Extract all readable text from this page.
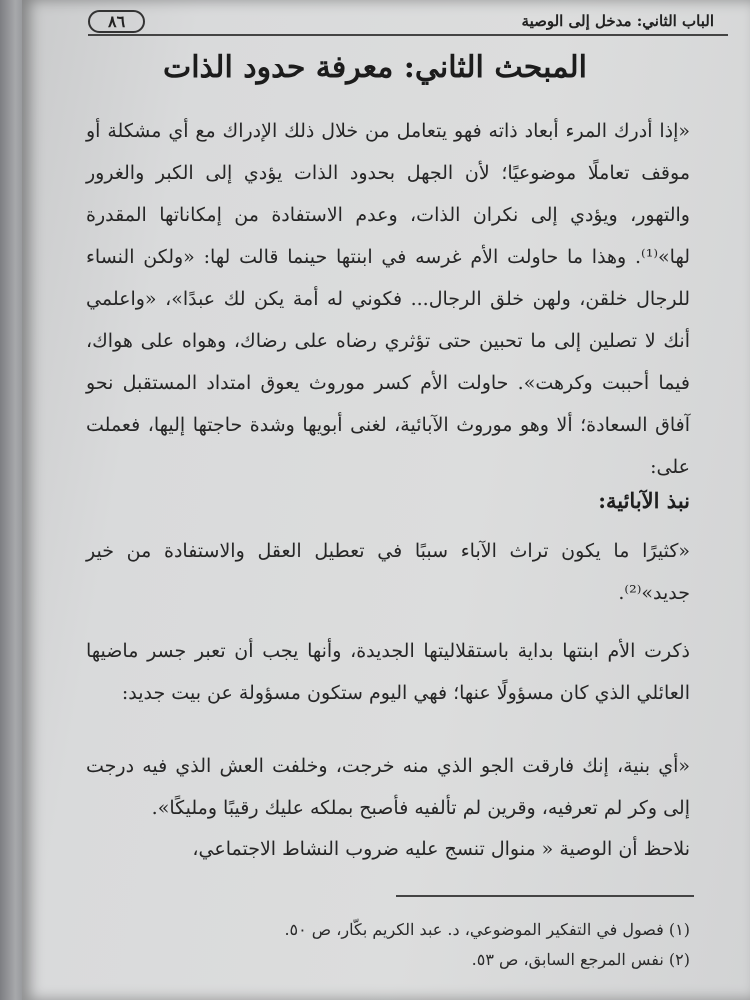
الباب الثاني: مدخل إلى الوصية
٨٦
المبحث الثاني: معرفة حدود الذات
«إذا أدرك المرء أبعاد ذاته فهو يتعامل من خلال ذلك الإدراك مع أي مشكلة أو موقف تعاملًا موضوعيًا؛ لأن الجهل بحدود الذات يؤدي إلى الكبر والغرور والتهور، ويؤدي إلى نكران الذات، وعدم الاستفادة من إمكاناتها المقدرة لها»⁽¹⁾. وهذا ما حاولت الأم غرسه في ابنتها حينما قالت لها: «ولكن النساء للرجال خلقن، ولهن خلق الرجال... فكوني له أمة يكن لك عبدًا»، «واعلمي أنك لا تصلين إلى ما تحبين حتى تؤثري رضاه على رضاك، وهواه على هواك، فيما أحببت وكرهت». حاولت الأم كسر موروث يعوق امتداد المستقبل نحو آفاق السعادة؛ ألا وهو موروث الآبائية، لغنى أبويها وشدة حاجتها إليها، فعملت على:
نبذ الآبائية:
«كثيرًا ما يكون تراث الآباء سببًا في تعطيل العقل والاستفادة من خير جديد»⁽²⁾.
ذكرت الأم ابنتها بداية باستقلاليتها الجديدة، وأنها يجب أن تعبر جسر ماضيها العائلي الذي كان مسؤولًا عنها؛ فهي اليوم ستكون مسؤولة عن بيت جديد:
«أي بنية، إنك فارقت الجو الذي منه خرجت، وخلفت العش الذي فيه درجت إلى وكر لم تعرفيه، وقرين لم تألفيه فأصبح بملكه عليك رقيبًا ومليكًا».
نلاحظ أن الوصية « منوال تنسج عليه ضروب النشاط الاجتماعي،
(١) فصول في التفكير الموضوعي، د. عبد الكريم بكّار، ص ٥٠.
(٢) نفس المرجع السابق، ص ٥٣.
